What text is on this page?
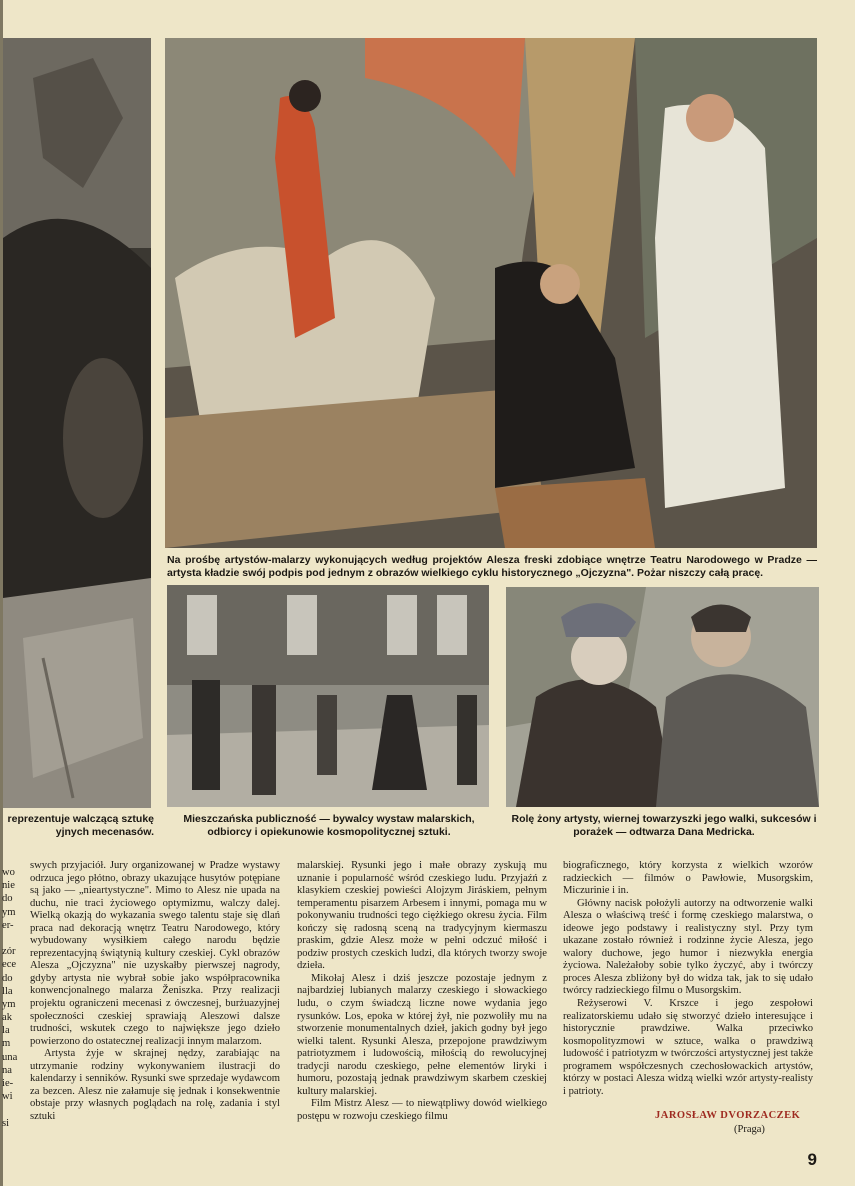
Na prośbę artystów-malarzy wykonujących według projektów Alesza freski zdobiące wnętrze Teatru Narodowego w Pradze — artysta kładzie swój podpis pod jednym z obrazów wielkiego cyklu historycznego „Ojczyzna". Pożar niszczy całą pracę.
reprezentuje walczącą sztukę yjnych mecenasów.
Mieszczańska publiczność — bywalcy wystaw malarskich, odbiorcy i opiekunowie kosmopolitycznej sztuki.
Rolę żony artysty, wiernej towarzyszki jego walki, sukcesów i porażek — odtwarza Dana Medricka.
wo
nie
do
ym
er-
zór
ece
do
lla
ym
ak
la
m
una
na
ie-
wi
si

swych przyjaciół. Jury organizowanej w Pradze wystawy odrzuca jego płótno, obrazy ukazujące husytów potępiane są jako — „nieartystyczne". Mimo to Alesz nie upada na duchu, nie traci życiowego optymizmu, walczy dalej. Wielką okazją do wykazania swego talentu staje się dlań praca nad dekoracją wnętrz Teatru Narodowego, który wybudowany wysiłkiem całego narodu będzie reprezentacyjną świątynią kultury czeskiej. Cykl obrazów Alesza „Ojczyzna" nie uzyskałby pierwszej nagrody, gdyby artysta nie wybrał sobie jako współpracownika konwencjonalnego malarza Ženiszka. Przy realizacji projektu ograniczeni mecenasi z ówczesnej, burżuazyjnej społeczności czeskiej sprawiają Aleszowi dalsze trudności, wskutek czego to największe jego dzieło powierzono do ostatecznej realizacji innym malarzom.

Artysta żyje w skrajnej nędzy, zarabiając na utrzymanie rodziny wykonywaniem ilustracji do kalendarzy i senników. Rysunki swe sprzedaje wydawcom za bezcen. Alesz nie załamuje się jednak i konsekwentnie obstaje przy własnych poglądach na rolę, zadania i styl sztuki

malarskiej. Rysunki jego i małe obrazy zyskują mu uznanie i popularność wśród czeskiego ludu. Przyjaźń z klasykiem czeskiej powieści Alojzym Jiráskiem, pełnym temperamentu pisarzem Arbesem i innymi, pomaga mu w pokonywaniu trudności tego ciężkiego okresu życia. Film kończy się radosną sceną na tradycyjnym kiermaszu praskim, gdzie Alesz może w pełni odczuć miłość i podziw prostych czeskich ludzi, dla których tworzy swoje dzieła.

Mikołaj Alesz i dziś jeszcze pozostaje jednym z najbardziej lubianych malarzy czeskiego i słowackiego ludu, o czym świadczą liczne nowe wydania jego rysunków. Los, epoka w której żył, nie pozwoliły mu na stworzenie monumentalnych dzieł, jakich godny był jego wielki talent. Rysunki Alesza, przepojone prawdziwym patriotyzmem i ludowością, miłością do rewolucyjnej tradycji narodu czeskiego, pełne elementów liryki i humoru, pozostają jednak prawdziwym skarbem czeskiej kultury malarskiej.

Film Mistrz Alesz — to niewątpliwy dowód wielkiego postępu w rozwoju czeskiego filmu

biograficznego, który korzysta z wielkich wzorów radzieckich — filmów o Pawłowie, Musorgskim, Miczurinie i in.

Główny nacisk położyli autorzy na odtworzenie walki Alesza o właściwą treść i formę czeskiego malarstwa, o ideowe jego podstawy i realistyczny styl. Przy tym ukazane zostało również i rodzinne życie Alesza, jego walory duchowe, jego humor i niezwykła energia życiowa. Należałoby sobie tylko życzyć, aby i twórczy proces Alesza zbliżony był do widza tak, jak to się udało twórcy radzieckiego filmu o Musorgskim.

Reżyserowi V. Krszce i jego zespołowi realizatorskiemu udało się stworzyć dzieło interesujące i historycznie prawdziwe. Walka przeciwko kosmopolityzmowi w sztuce, walka o prawdziwą ludowość i patriotyzm w twórczości artystycznej jest także programem współczesnych czechosłowackich artystów, którzy w postaci Alesza widzą wielki wzór artysty-realisty i patrioty.

JAROSŁAW DVORZACZEK
(Praga)
9
